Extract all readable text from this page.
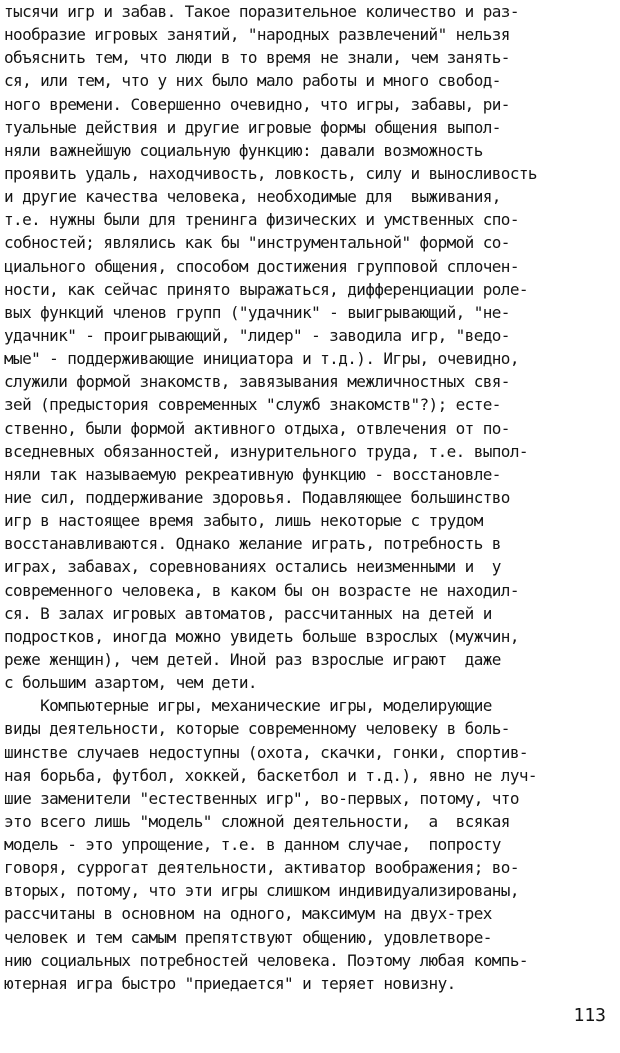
тысячи игр и забав. Такое поразительное количество и раз-
нообразие игровых занятий, "народных развлечений" нельзя
объяснить тем, что люди в то время не знали, чем занять-
ся, или тем, что у них было мало работы и много свобод-
ного времени. Совершенно очевидно, что игры, забавы, ри-
туальные действия и другие игровые формы общения выпол-
няли важнейшую социальную функцию: давали возможность
проявить удаль, находчивость, ловкость, силу и выносливость
и другие качества человека, необходимые для  выживания,
т.е. нужны были для тренинга физических и умственных спо-
собностей; являлись как бы "инструментальной" формой со-
циального общения, способом достижения групповой сплочен-
ности, как сейчас принято выражаться, дифференциации роле-
вых функций членов групп ("удачник" - выигрывающий, "не-
удачник" - проигрывающий, "лидер" - заводила игр, "ведо-
мые" - поддерживающие инициатора и т.д.). Игры, очевидно,
служили формой знакомств, завязывания межличностных свя-
зей (предыстория современных "служб знакомств"?); есте-
ственно, были формой активного отдыха, отвлечения от по-
вседневных обязанностей, изнурительного труда, т.е. выпол-
няли так называемую рекреативную функцию - восстановле-
ние сил, поддерживание здоровья. Подавляющее большинство
игр в настоящее время забыто, лишь некоторые с трудом
восстанавливаются. Однако желание играть, потребность в
играх, забавах, соревнованиях остались неизменными и  у
современного человека, в каком бы он возрасте не находил-
ся. В залах игровых автоматов, рассчитанных на детей и
подростков, иногда можно увидеть больше взрослых (мужчин,
реже женщин), чем детей. Иной раз взрослые играют  даже
с большим азартом, чем дети.
Компьютерные игры, механические игры, моделирующие
виды деятельности, которые современному человеку в боль-
шинстве случаев недоступны (охота, скачки, гонки, спортив-
ная борьба, футбол, хоккей, баскетбол и т.д.), явно не луч-
шие заменители "естественных игр", во-первых, потому, что
это всего лишь "модель" сложной деятельности,  а  всякая
модель - это упрощение, т.е. в данном случае,  попросту
говоря, суррогат деятельности, активатор воображения; во-
вторых, потому, что эти игры слишком индивидуализированы,
рассчитаны в основном на одного, максимум на двух-трех
человек и тем самым препятствуют общению, удовлетворе-
нию социальных потребностей человека. Поэтому любая компь-
ютерная игра быстро "приедается" и теряет новизну.
113
